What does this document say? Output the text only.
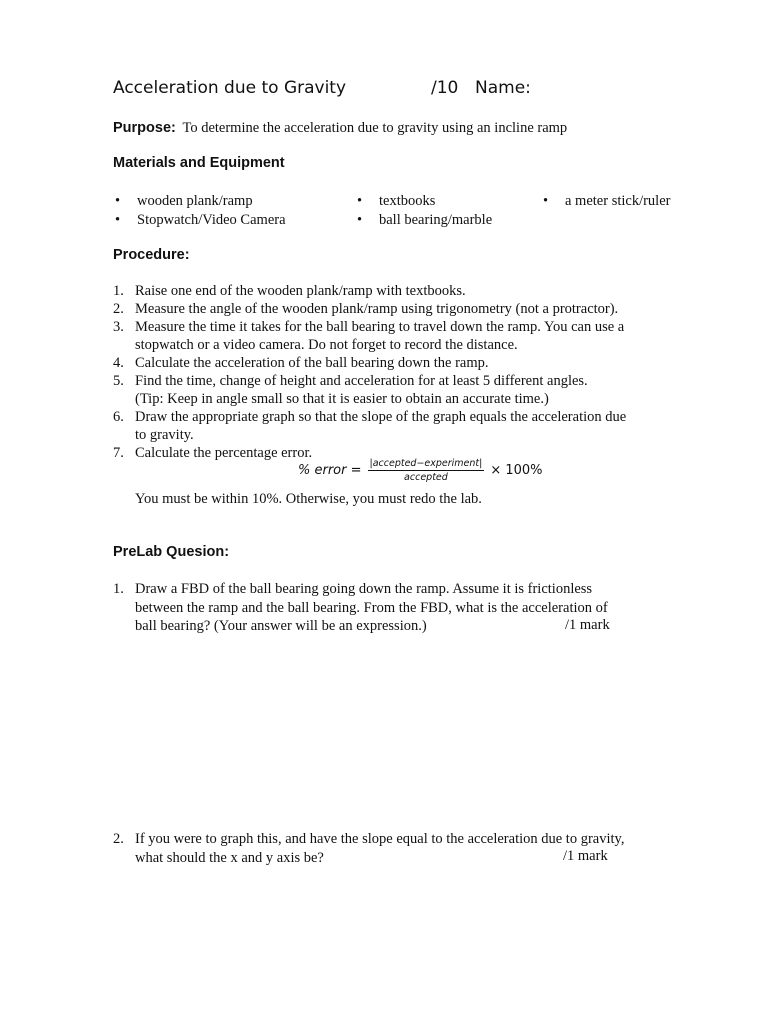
Acceleration due to Gravity	/10 Name:
Purpose: To determine the acceleration due to gravity using an incline ramp
Materials and Equipment
• wooden plank/ramp
• Stopwatch/Video Camera
• textbooks
• ball bearing/marble
• a meter stick/ruler
Procedure:
1. Raise one end of the wooden plank/ramp with textbooks.
2. Measure the angle of the wooden plank/ramp using trigonometry (not a protractor).
3. Measure the time it takes for the ball bearing to travel down the ramp. You can use a
stopwatch or a video camera. Do not forget to record the distance.
4. Calculate the acceleration of the ball bearing down the ramp.
5. Find the time, change of height and acceleration for at least 5 different angles.
(Tip: Keep in angle small so that it is easier to obtain an accurate time.)
6. Draw the appropriate graph so that the slope of the graph equals the acceleration due
to gravity.
7. Calculate the percentage error.
% error = $\frac{\text{|accepted−experiment|}}{\text{accepted}} \times 100\%$
You must be within 10%. Otherwise, you must redo the lab.
PreLab Quesion:
1. Draw a FBD of the ball bearing going down the ramp. Assume it is frictionless
between the ramp and the ball bearing. From the FBD, what is the acceleration of
ball bearing? (Your answer will be an expression.)	/1 mark
2. If you were to graph this, and have the slope equal to the acceleration due to gravity,
what should the x and y axis be?	/1 mark
